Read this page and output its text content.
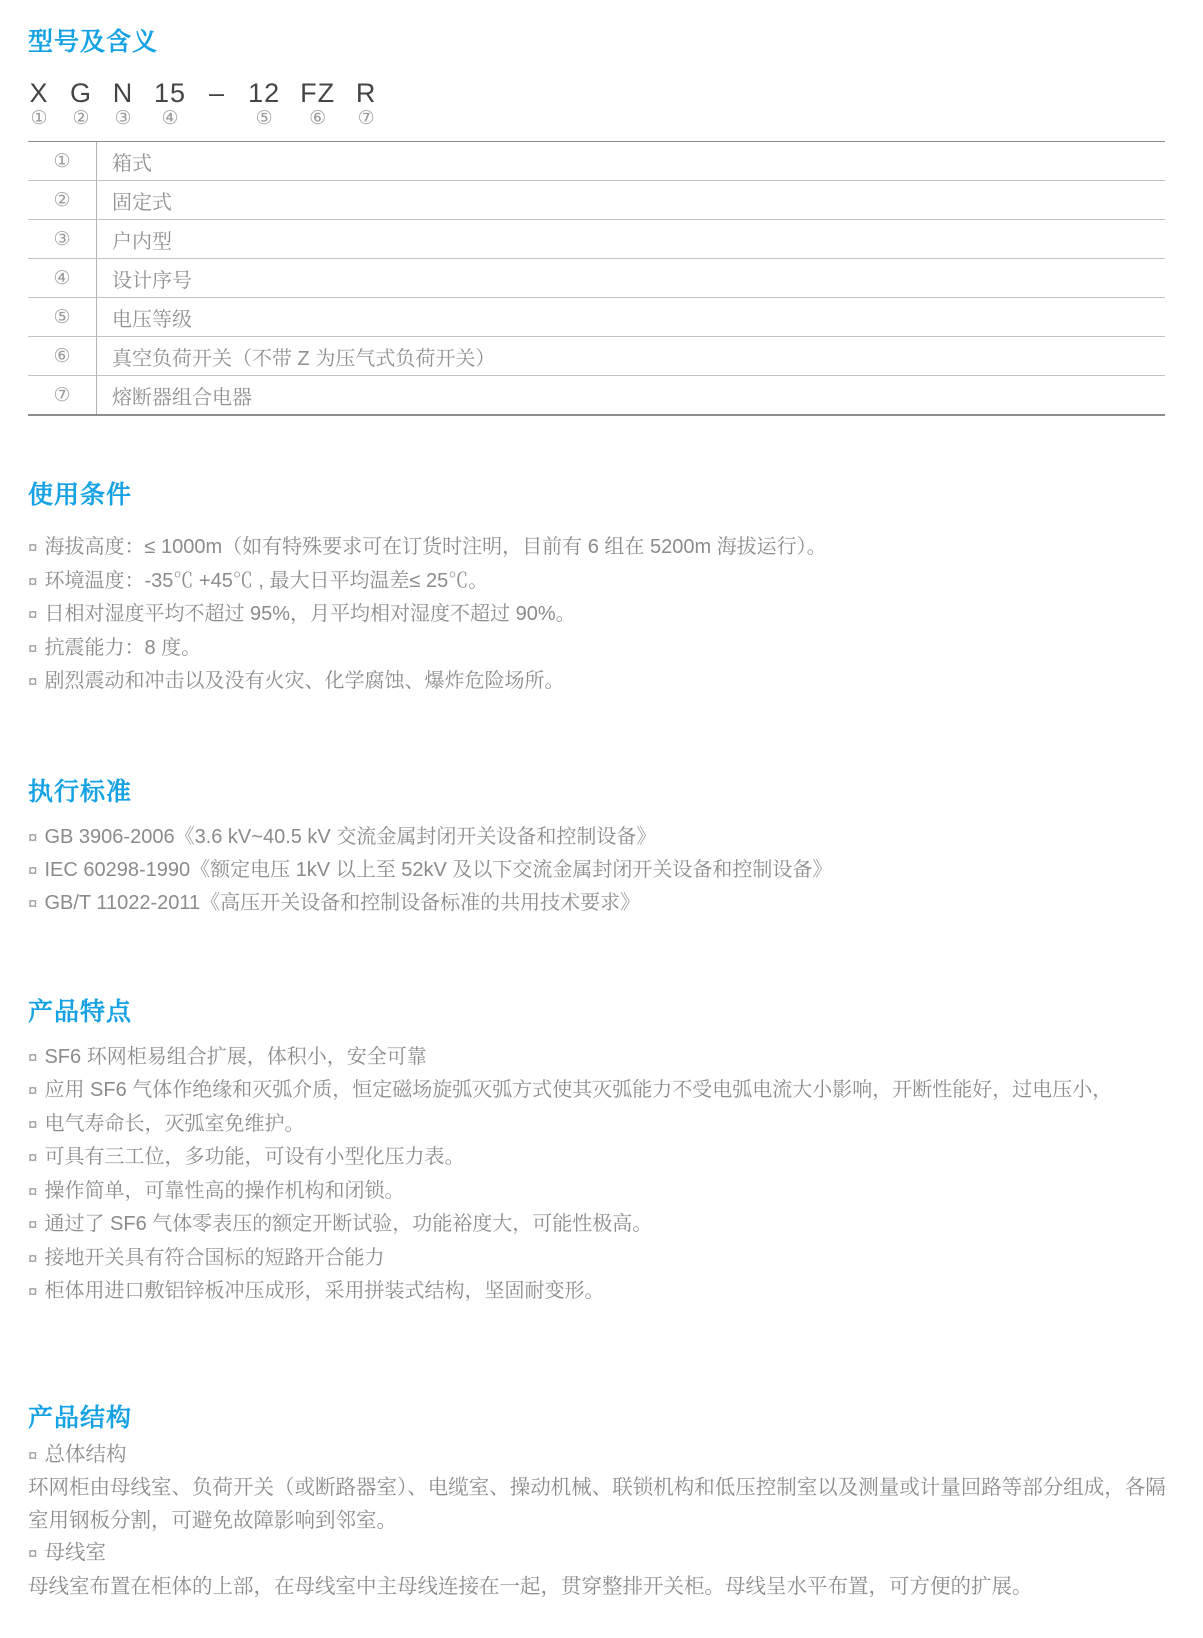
型号及含义
X
①
G
②
N
③
15
④
– 12
⑤
FZ
⑥
R
⑦
①	箱式
②	固定式
③	户内型
④	设计序号
⑤	电压等级
⑥	真空负荷开关（不带 Z 为压气式负荷开关）
⑦	熔断器组合电器
使用条件
¤ 海拔高度：≤ 1000m（如有特殊要求可在订货时注明，目前有 6 组在 5200m 海拔运行）。
¤ 环境温度：-35℃ +45℃ , 最大日平均温差≤ 25℃。
¤ 日相对湿度平均不超过 95%，月平均相对湿度不超过 90%。
¤ 抗震能力：8 度。
¤ 剧烈震动和冲击以及没有火灾、化学腐蚀、爆炸危险场所。
执行标准
¤ GB 3906-2006《3.6 kV~40.5 kV 交流金属封闭开关设备和控制设备》
¤ IEC 60298-1990《额定电压 1kV 以上至 52kV 及以下交流金属封闭开关设备和控制设备》
¤ GB/T 11022-2011《高压开关设备和控制设备标准的共用技术要求》
产品特点
¤ SF6 环网柜易组合扩展，体积小，安全可靠
¤ 应用 SF6 气体作绝缘和灭弧介质，恒定磁场旋弧灭弧方式使其灭弧能力不受电弧电流大小影响，开断性能好，过电压小，
¤ 电气寿命长，灭弧室免维护。
¤ 可具有三工位，多功能，可设有小型化压力表。
¤ 操作简单，可靠性高的操作机构和闭锁。
¤ 通过了 SF6 气体零表压的额定开断试验，功能裕度大，可能性极高。
¤ 接地开关具有符合国标的短路开合能力
¤ 柜体用进口敷铝锌板冲压成形，采用拼装式结构，坚固耐变形。
产品结构

¤ 总体结构

环网柜由母线室、负荷开关（或断路器室）、电缆室、操动机械、联锁机构和低压控制室以及测量或计量回路等部分组成，各隔室用钢板分割，可避免故障影响到邻室。

¤ 母线室

母线室布置在柜体的上部，在母线室中主母线连接在一起，贯穿整排开关柜。母线呈水平布置，可方便的扩展。
